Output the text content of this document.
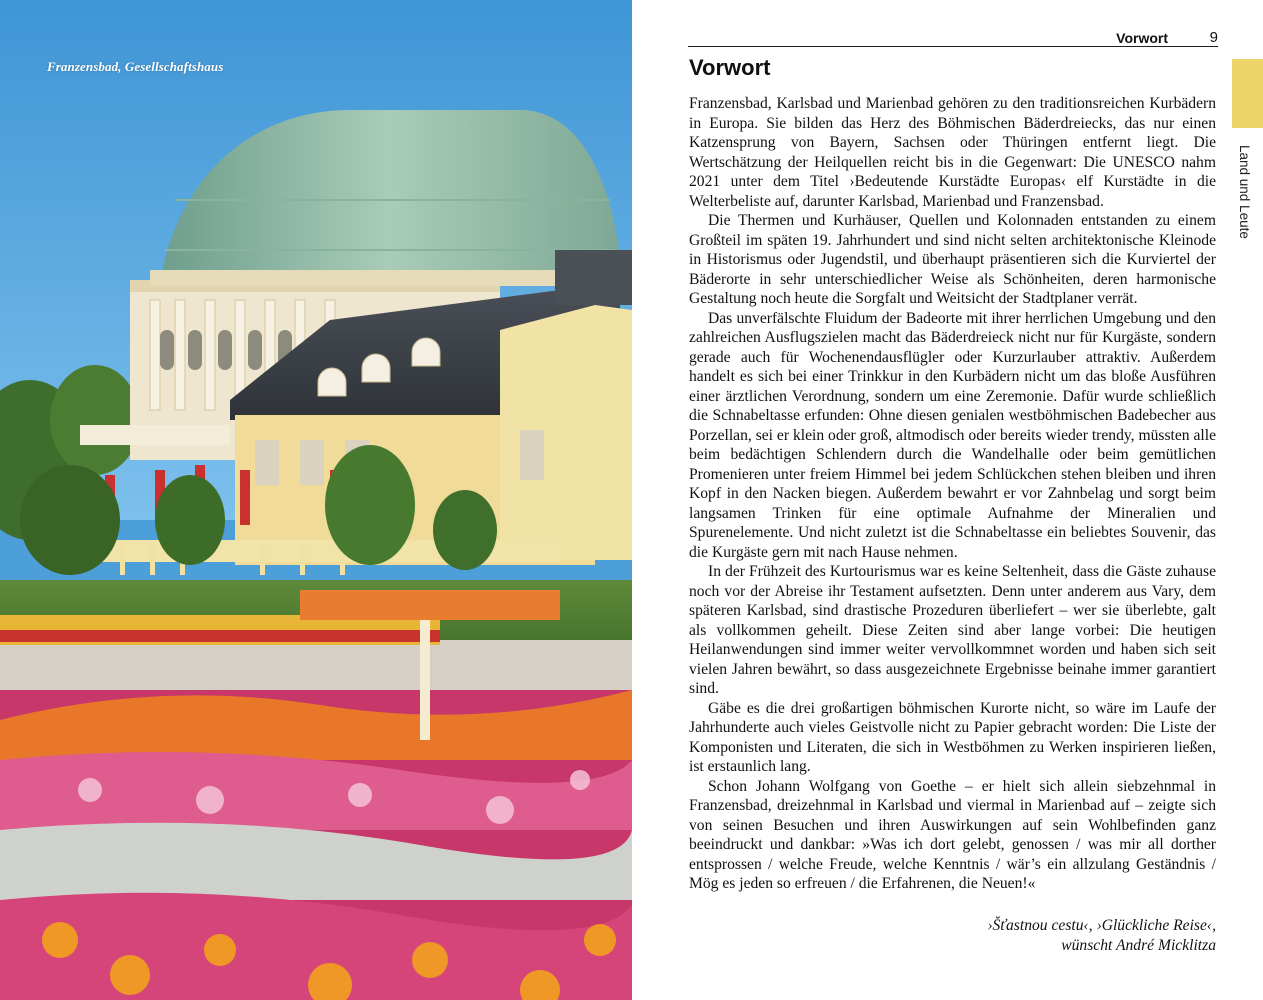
Franzensbad, Gesellschaftshaus
Vorwort	9
Land und Leute
Vorwort

Franzensbad, Karlsbad und Marienbad gehören zu den traditionsreichen Kurbädern in Europa. Sie bilden das Herz des Böhmischen Bäderdreiecks, das nur einen Katzensprung von Bayern, Sachsen oder Thüringen entfernt liegt. Die Wertschätzung der Heilquellen reicht bis in die Gegenwart: Die UNESCO nahm 2021 unter dem Titel ›Bedeutende Kurstädte Europas‹ elf Kurstädte in die Welterbeliste auf, darunter Karlsbad, Marienbad und Franzensbad.

Die Thermen und Kurhäuser, Quellen und Kolonnaden entstanden zu einem Großteil im späten 19. Jahrhundert und sind nicht selten architektonische Kleinode in Historismus oder Jugendstil, und überhaupt präsentieren sich die Kurviertel der Bäderorte in sehr unterschiedlicher Weise als Schönheiten, deren harmonische Gestaltung noch heute die Sorgfalt und Weitsicht der Stadtplaner verrät.

Das unverfälschte Fluidum der Badeorte mit ihrer herrlichen Umgebung und den zahlreichen Ausflugszielen macht das Bäderdreieck nicht nur für Kurgäste, sondern gerade auch für Wochenendausflügler oder Kurzurlauber attraktiv. Außerdem handelt es sich bei einer Trinkkur in den Kurbädern nicht um das bloße Ausführen einer ärztlichen Verordnung, sondern um eine Zeremonie. Dafür wurde schließlich die Schnabeltasse erfunden: Ohne diesen genialen westböhmischen Badebecher aus Porzellan, sei er klein oder groß, altmodisch oder bereits wieder trendy, müssten alle beim bedächtigen Schlendern durch die Wandelhalle oder beim gemütlichen Promenieren unter freiem Himmel bei jedem Schlückchen stehen bleiben und ihren Kopf in den Nacken biegen. Außerdem bewahrt er vor Zahnbelag und sorgt beim langsamen Trinken für eine optimale Aufnahme der Mineralien und Spurenelemente. Und nicht zuletzt ist die Schnabeltasse ein beliebtes Souvenir, das die Kurgäste gern mit nach Hause nehmen.

In der Frühzeit des Kurtourismus war es keine Seltenheit, dass die Gäste zuhause noch vor der Abreise ihr Testament aufsetzten. Denn unter anderem aus Vary, dem späteren Karlsbad, sind drastische Prozeduren überliefert – wer sie überlebte, galt als vollkommen geheilt. Diese Zeiten sind aber lange vorbei: Die heutigen Heilanwendungen sind immer weiter vervollkommnet worden und haben sich seit vielen Jahren bewährt, so dass ausgezeichnete Ergebnisse beinahe immer garantiert sind.

Gäbe es die drei großartigen böhmischen Kurorte nicht, so wäre im Laufe der Jahrhunderte auch vieles Geistvolle nicht zu Papier gebracht worden: Die Liste der Komponisten und Literaten, die sich in Westböhmen zu Werken inspirieren ließen, ist erstaunlich lang.

Schon Johann Wolfgang von Goethe – er hielt sich allein siebzehnmal in Franzensbad, dreizehnmal in Karlsbad und viermal in Marienbad auf – zeigte sich von seinen Besuchen und ihren Auswirkungen auf sein Wohlbefinden ganz beeindruckt und dankbar: »Was ich dort gelebt, genossen / was mir all dorther entsprossen / welche Freude, welche Kenntnis / wär’s ein allzulang Geständnis / Mög es jeden so erfreuen / die Erfahrenen, die Neuen!«

›Šťastnou cestu‹, ›Glückliche Reise‹,
wünscht André Micklitza
